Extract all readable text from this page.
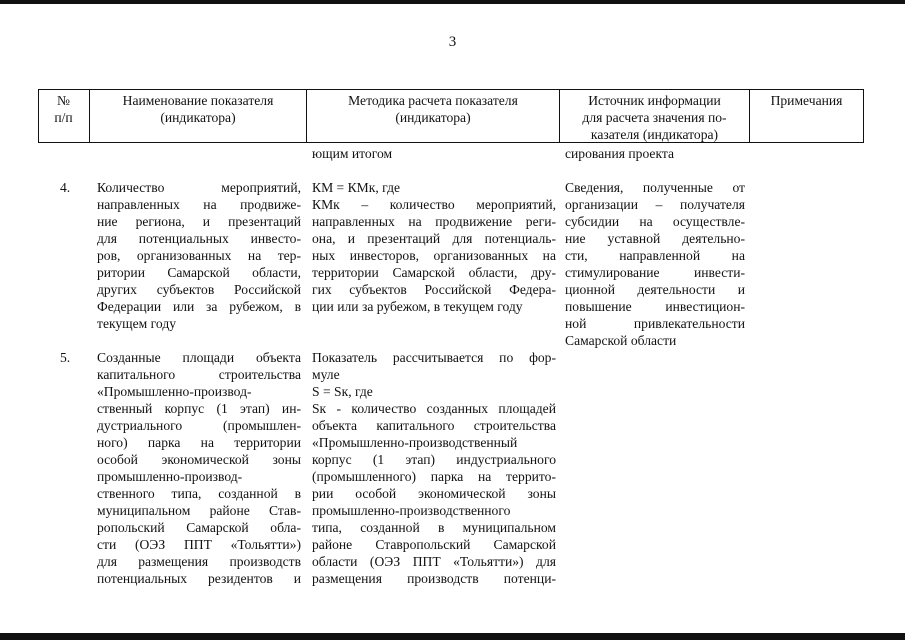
3
№
п/п
Наименование показателя
(индикатора)
Методика расчета показателя
(индикатора)
Источник информации
для расчета значения по-
казателя (индикатора)
Примечания
ющим итогом	сирования проекта
4. Количество мероприятий,
направленных на продвиже-
ние региона, и презентаций
для потенциальных инвесто-
ров, организованных на тер-
ритории Самарской области,
других субъектов Российской
Федерации или за рубежом, в
текущем году
КМ = КМк, где
КМк – количество мероприятий,
направленных на продвижение реги-
она, и презентаций для потенциаль-
ных инвесторов, организованных на
территории Самарской области, дру-
гих субъектов Российской Федера-
ции или за рубежом, в текущем году
Сведения, полученные от
организации – получателя
субсидии на осуществле-
ние уставной деятельно-
сти, направленной на
стимулирование инвести-
ционной деятельности и
повышение инвестицион-
ной привлекательности
Самарской области
5. Созданные площади объекта
капитального строительства
«Промышленно-производ-
ственный корпус (1 этап) ин-
дустриального (промышлен-
ного) парка на территории
особой экономической зоны
промышленно-производ-
ственного типа, созданной в
муниципальном районе Став-
ропольский Самарской обла-
сти (ОЭЗ ППТ «Тольятти»)
для размещения производств
потенциальных резидентов и
Показатель рассчитывается по фор-
муле
S = Sк, где
Sк - количество созданных площадей
объекта капитального строительства
«Промышленно-производственный
корпус (1 этап) индустриального
(промышленного) парка на террито-
рии особой экономической зоны
промышленно-производственного
типа, созданной в муниципальном
районе Ставропольский Самарской
области (ОЭЗ ППТ «Тольятти») для
размещения производств потенци-
